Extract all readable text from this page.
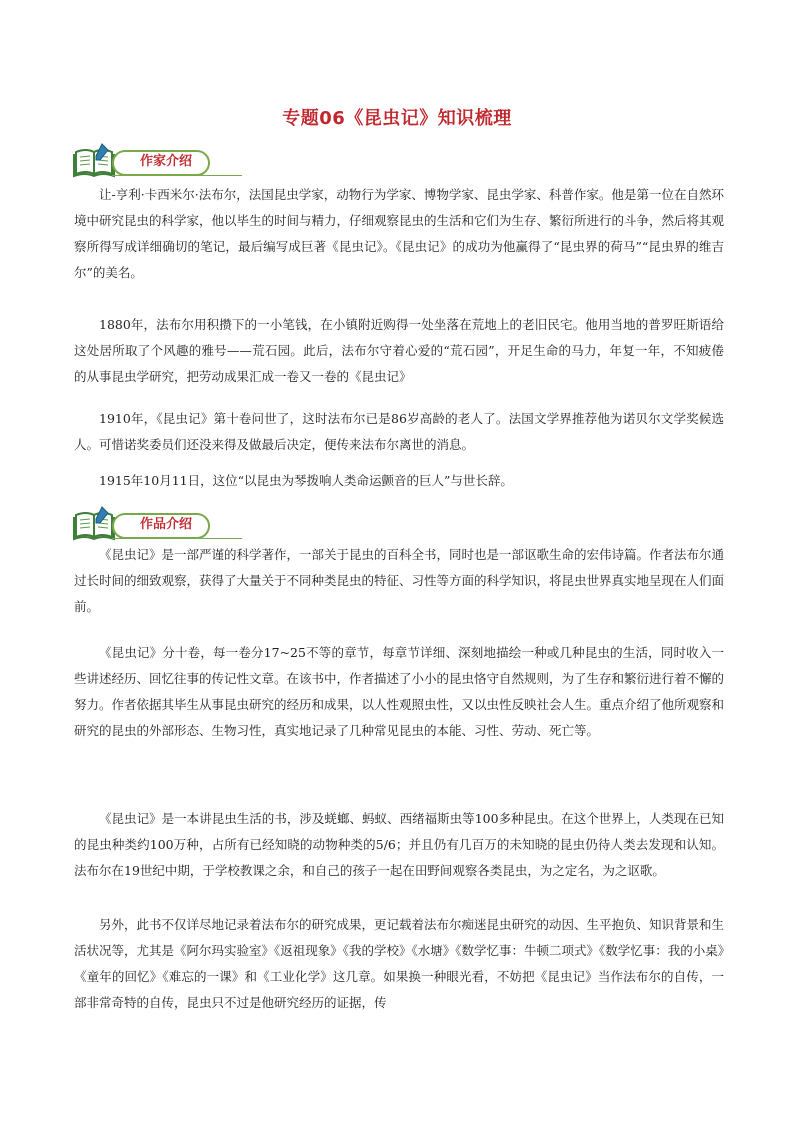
专题06《昆虫记》知识梳理
作家介绍

让-亨利·卡西米尔·法布尔，法国昆虫学家，动物行为学家、博物学家、昆虫学家、科普作家。他是第一位在自然环境中研究昆虫的科学家，他以毕生的时间与精力，仔细观察昆虫的生活和它们为生存、繁衍所进行的斗争，然后将其观察所得写成详细确切的笔记，最后编写成巨著《昆虫记》。《昆虫记》的成功为他赢得了“昆虫界的荷马”“昆虫界的维吉尔”的美名。

1880年，法布尔用积攒下的一小笔钱，在小镇附近购得一处坐落在荒地上的老旧民宅。他用当地的普罗旺斯语给这处居所取了个风趣的雅号——荒石园。此后，法布尔守着心爱的“荒石园”，开足生命的马力，年复一年，不知疲倦的从事昆虫学研究，把劳动成果汇成一卷又一卷的《昆虫记》

1910年，《昆虫记》第十卷问世了，这时法布尔已是86岁高龄的老人了。法国文学界推荐他为诺贝尔文学奖候选人。可惜诺奖委员们还没来得及做最后决定，便传来法布尔离世的消息。

1915年10月11日，这位“以昆虫为琴拨响人类命运颤音的巨人”与世长辞。

作品介绍

《昆虫记》是一部严谨的科学著作，一部关于昆虫的百科全书，同时也是一部讴歌生命的宏伟诗篇。作者法布尔通过长时间的细致观察，获得了大量关于不同种类昆虫的特征、习性等方面的科学知识，将昆虫世界真实地呈现在人们面前。

《昆虫记》分十卷，每一卷分17~25不等的章节，每章节详细、深刻地描绘一种或几种昆虫的生活，同时收入一些讲述经历、回忆往事的传记性文章。在该书中，作者描述了小小的昆虫恪守自然规则，为了生存和繁衍进行着不懈的努力。作者依据其毕生从事昆虫研究的经历和成果，以人性观照虫性，又以虫性反映社会人生。重点介绍了他所观察和研究的昆虫的外部形态、生物习性，真实地记录了几种常见昆虫的本能、习性、劳动、死亡等。

《昆虫记》是一本讲昆虫生活的书，涉及蜣螂、蚂蚁、西绪福斯虫等100多种昆虫。在这个世界上，人类现在已知的昆虫种类约100万种，占所有已经知晓的动物种类的5/6；并且仍有几百万的未知晓的昆虫仍待人类去发现和认知。法布尔在19世纪中期，于学校教课之余，和自己的孩子一起在田野间观察各类昆虫，为之定名，为之讴歌。

另外，此书不仅详尽地记录着法布尔的研究成果，更记载着法布尔痴迷昆虫研究的动因、生平抱负、知识背景和生活状况等，尤其是《阿尔玛实验室》《返祖现象》《我的学校》《水塘》《数学忆事：牛顿二项式》《数学忆事：我的小桌》《童年的回忆》《难忘的一课》和《工业化学》这几章。如果换一种眼光看，不妨把《昆虫记》当作法布尔的自传，一部非常奇特的自传，昆虫只不过是他研究经历的证据，传
